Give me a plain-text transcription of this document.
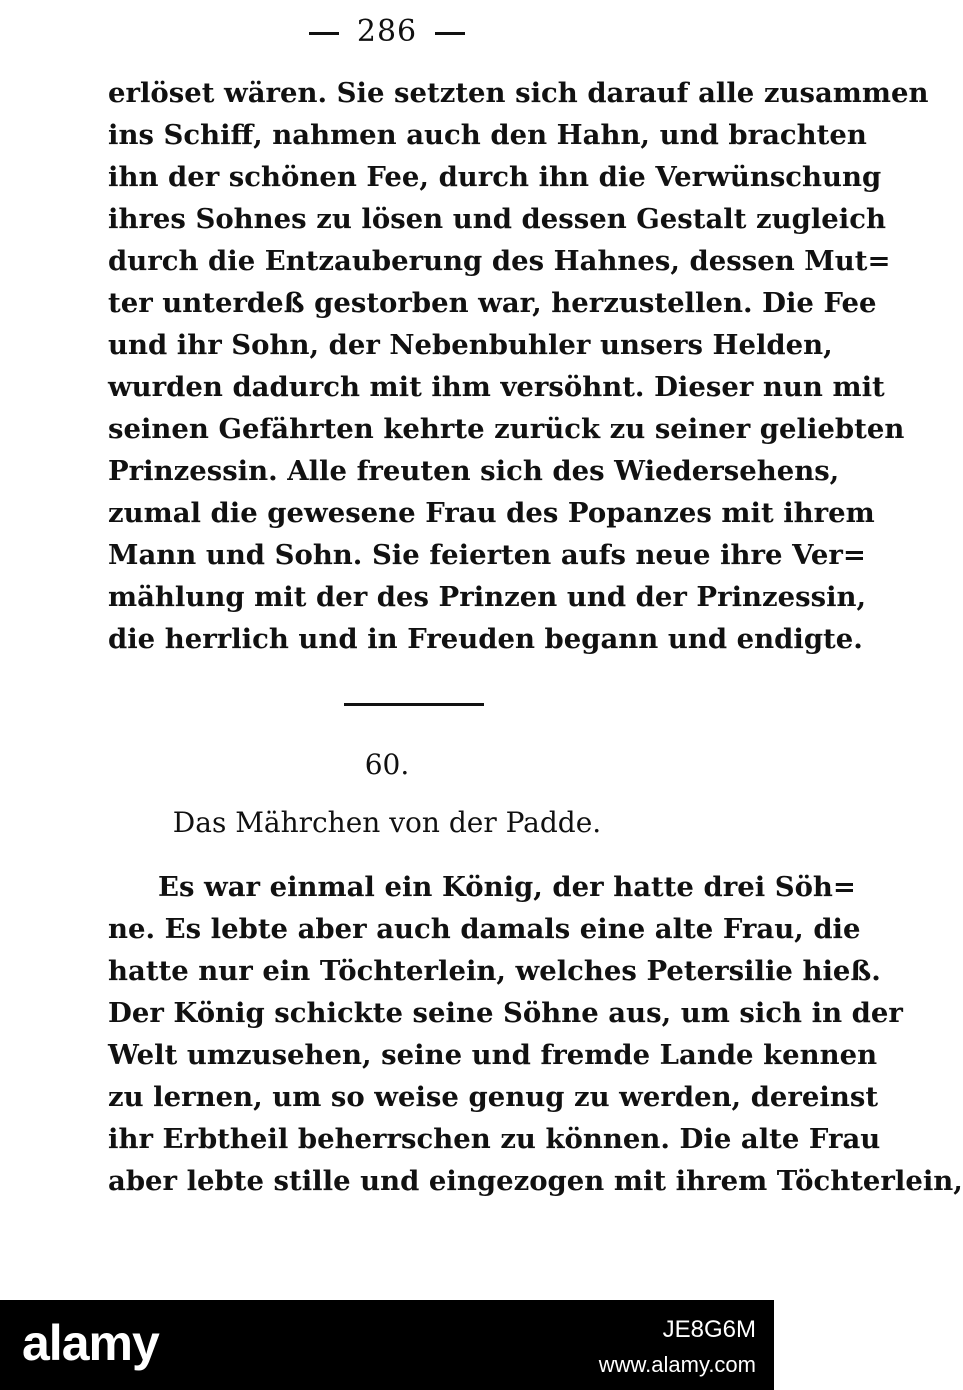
286
erlöset wären. Sie setzten sich darauf alle zusammen
ins Schiff, nahmen auch den Hahn, und brachten
ihn der schönen Fee, durch ihn die Verwünschung
ihres Sohnes zu lösen und dessen Gestalt zugleich
durch die Entzauberung des Hahnes, dessen Mut=
ter unterdeß gestorben war, herzustellen. Die Fee
und ihr Sohn, der Nebenbuhler unsers Helden,
wurden dadurch mit ihm versöhnt. Dieser nun mit
seinen Gefährten kehrte zurück zu seiner geliebten
Prinzessin. Alle freuten sich des Wiedersehens,
zumal die gewesene Frau des Popanzes mit ihrem
Mann und Sohn. Sie feierten aufs neue ihre Ver=
mählung mit der des Prinzen und der Prinzessin,
die herrlich und in Freuden begann und endigte.
60.
Das Mährchen von der Padde.
Es war einmal ein König, der hatte drei Söh=
ne. Es lebte aber auch damals eine alte Frau, die
hatte nur ein Töchterlein, welches Petersilie hieß.
Der König schickte seine Söhne aus, um sich in der
Welt umzusehen, seine und fremde Lande kennen
zu lernen, um so weise genug zu werden, dereinst
ihr Erbtheil beherrschen zu können. Die alte Frau
aber lebte stille und eingezogen mit ihrem Töchterlein,
alamy	JE8G6M
www.alamy.com
